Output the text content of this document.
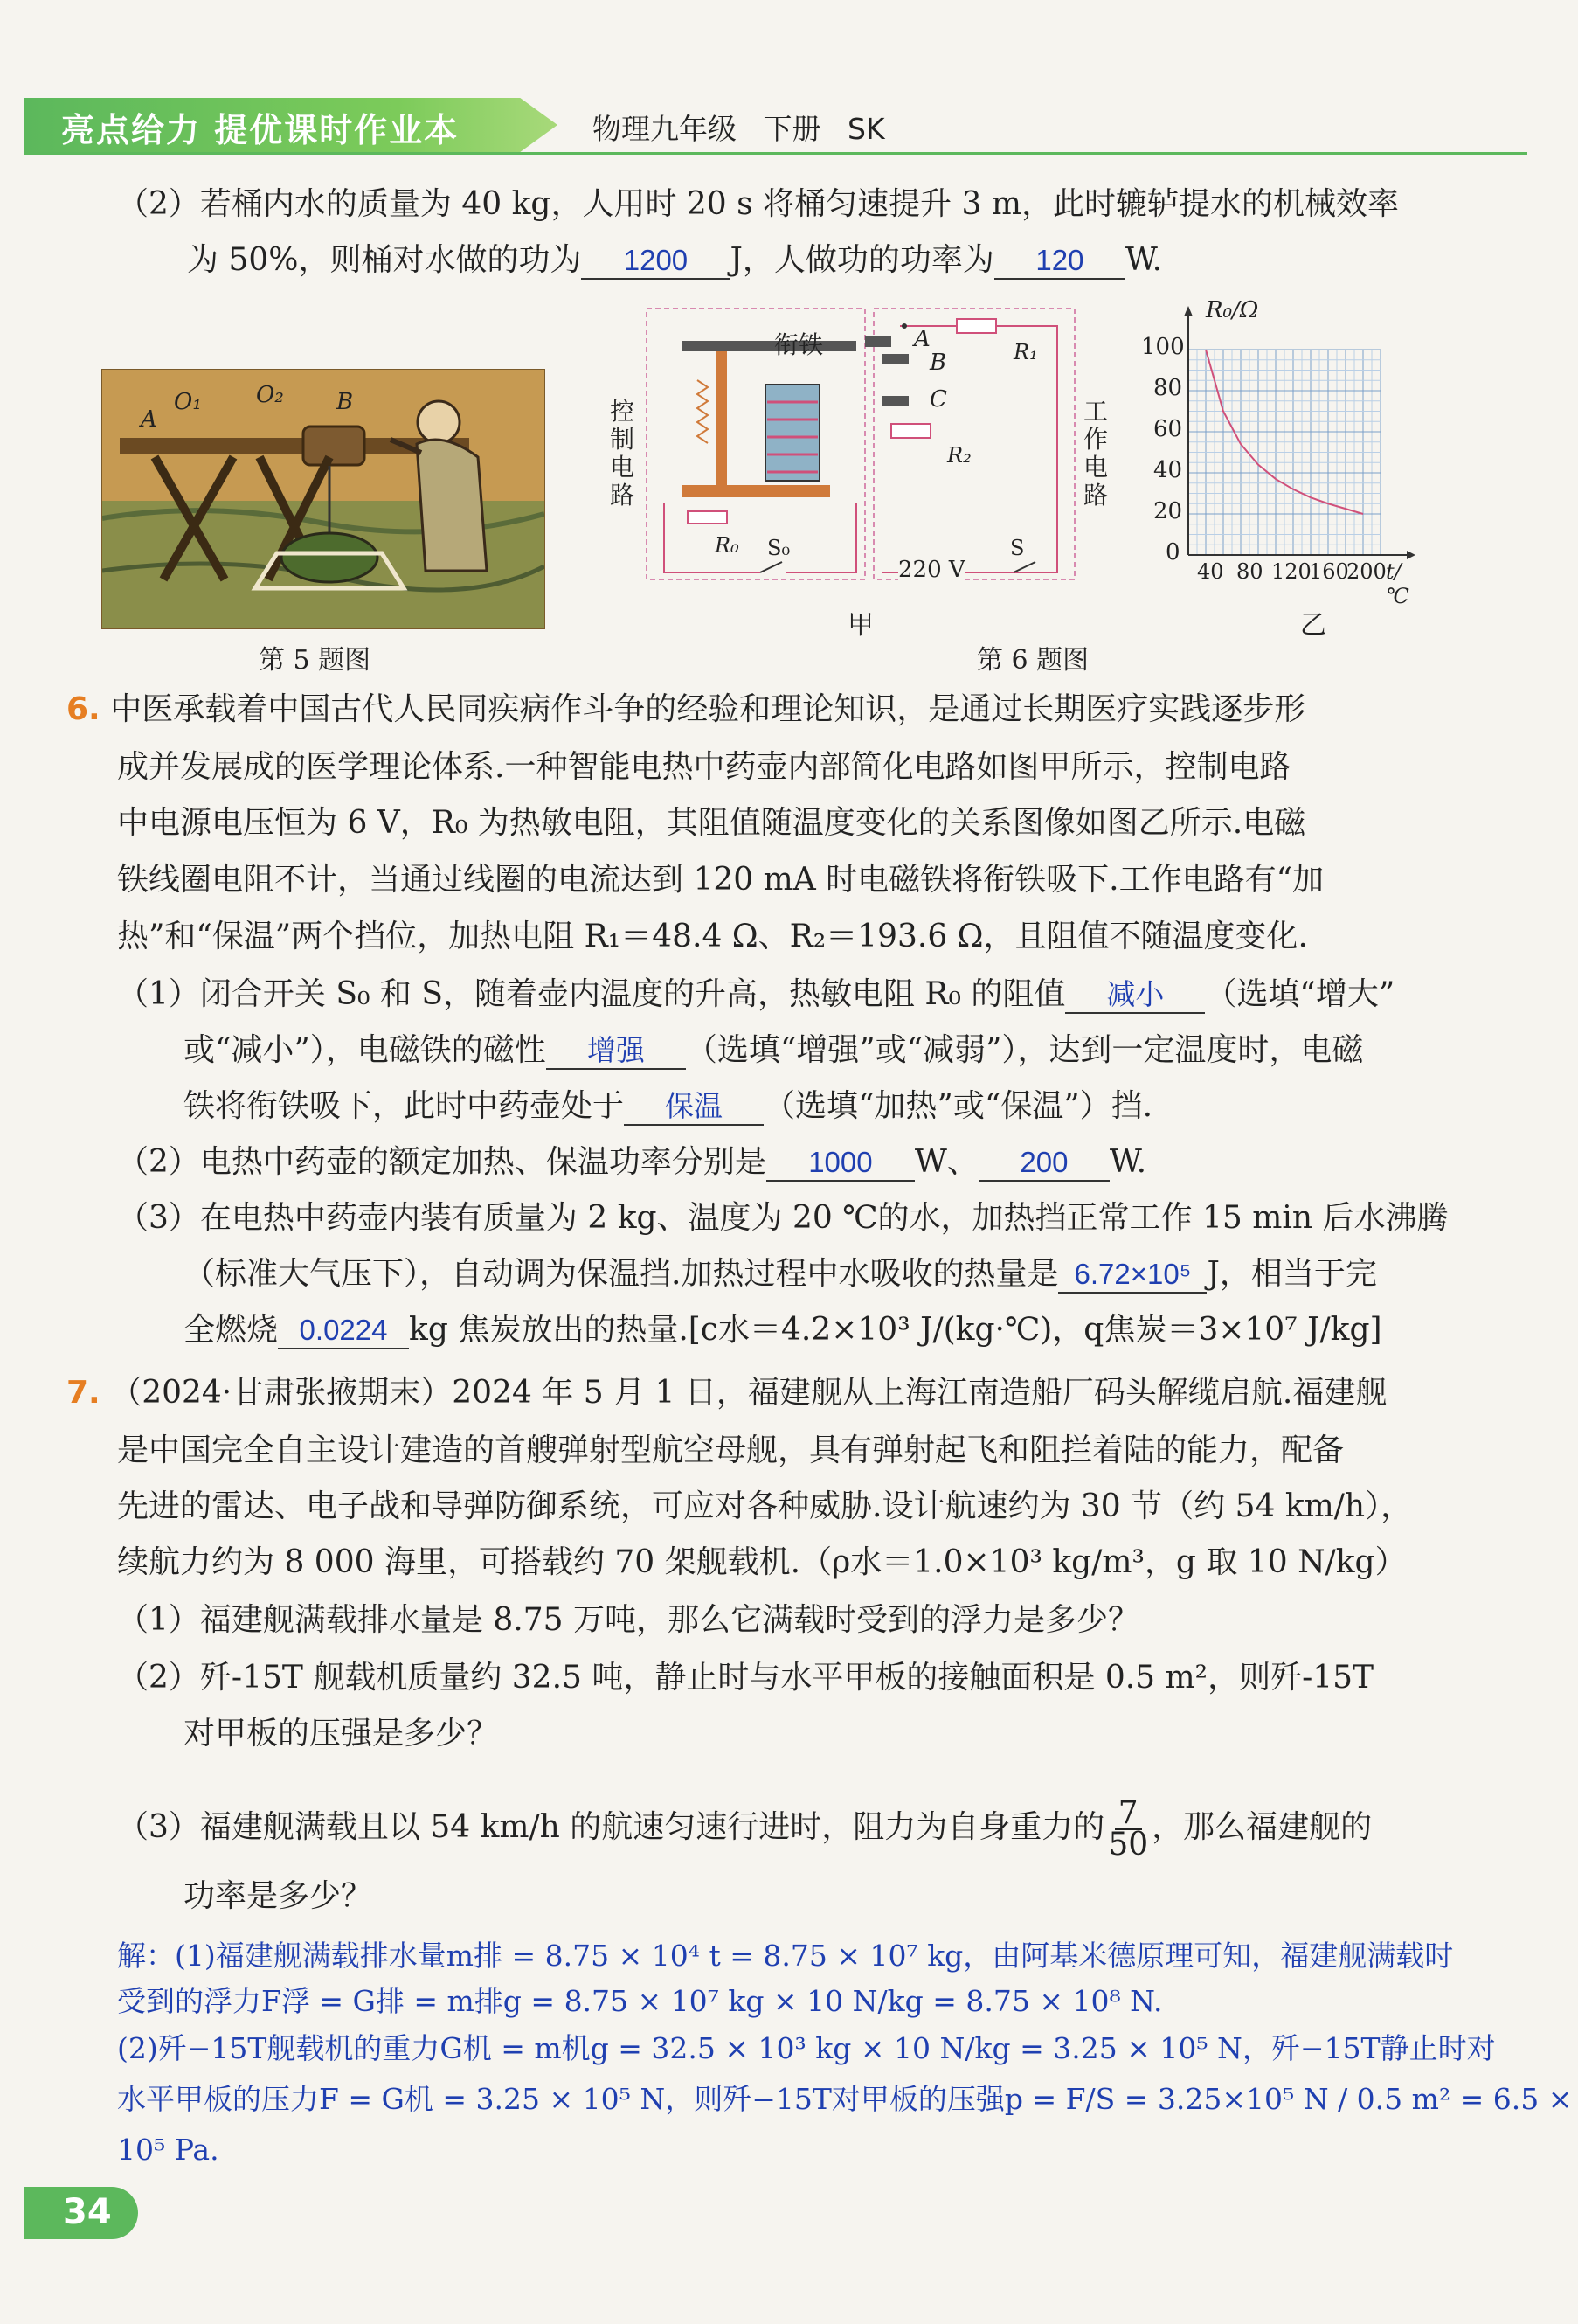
亮点给力 提优课时作业本	物理九年级 下册 SK
（2）若桶内水的质量为 40 kg，人用时 20 s 将桶匀速提升 3 m，此时辘轳提水的机械效率
为 50%，则桶对水做的功为 1200 J，人做功的功率为 120 W.
A
O₁ O₂ B
第 5 题图
衔铁
控制电路
工作电路
A
B
C
R₁
R₂
R₀ S₀
220 V
S
甲
R₀/Ω
100
80
60
40
20
0
40 80 120
160
200 t/℃
乙
第 6 题图
6. 中医承载着中国古代人民同疾病作斗争的经验和理论知识，是通过长期医疗实践逐步形
成并发展成的医学理论体系.一种智能电热中药壶内部简化电路如图甲所示，控制电路
中电源电压恒为 6 V，R₀ 为热敏电阻，其阻值随温度变化的关系图像如图乙所示.电磁
铁线圈电阻不计，当通过线圈的电流达到 120 mA 时电磁铁将衔铁吸下.工作电路有“加
热”和“保温”两个挡位，加热电阻 R₁＝48.4 Ω、R₂＝193.6 Ω，且阻值不随温度变化.
（1）闭合开关 S₀ 和 S，随着壶内温度的升高，热敏电阻 R₀ 的阻值 减小 （选填“增大”
或“减小”），电磁铁的磁性 增强 （选填“增强”或“减弱”），达到一定温度时，电磁
铁将衔铁吸下，此时中药壶处于 保温 （选填“加热”或“保温”）挡.
（2）电热中药壶的额定加热、保温功率分别是 1000 W、 200 W.
（3）在电热中药壶内装有质量为 2 kg、温度为 20 ℃的水，加热挡正常工作 15 min 后水沸腾
（标准大气压下），自动调为保温挡.加热过程中水吸收的热量是 6.72×10⁵ J，相当于完
全燃烧 0.0224 kg 焦炭放出的热量.[c水＝4.2×10³ J/(kg·℃)，q焦炭＝3×10⁷ J/kg]
7. （2024·甘肃张掖期末）2024 年 5 月 1 日，福建舰从上海江南造船厂码头解缆启航.福建舰
是中国完全自主设计建造的首艘弹射型航空母舰，具有弹射起飞和阻拦着陆的能力，配备
先进的雷达、电子战和导弹防御系统，可应对各种威胁.设计航速约为 30 节（约 54 km/h），
续航力约为 8 000 海里，可搭载约 70 架舰载机.（ρ水＝1.0×10³ kg/m³，g 取 10 N/kg）
（1）福建舰满载排水量是 8.75 万吨，那么它满载时受到的浮力是多少？
（2）歼-15T 舰载机质量约 32.5 吨，静止时与水平甲板的接触面积是 0.5 m²，则歼-15T
对甲板的压强是多少？
（3）福建舰满载且以 54 km/h 的航速匀速行进时，阻力为自身重力的 $\frac{7}{50}$ ，那么福建舰的
功率是多少？
解：(1)福建舰满载排水量m排 = 8.75 × 10⁴ t = 8.75 × 10⁷ kg，由阿基米德原理可知，福建舰满载时
受到的浮力F浮 = G排 = m排g = 8.75 × 10⁷ kg × 10 N/kg = 8.75 × 10⁸ N.
(2)歼−15T舰载机的重力G机 = m机g = 32.5 × 10³ kg × 10 N/kg = 3.25 × 10⁵ N，歼−15T静止时对
水平甲板的压力F = G机 = 3.25 × 10⁵ N，则歼−15T对甲板的压强p = F/S = 3.25×10⁵ N / 0.5 m² = 6.5 ×
10⁵ Pa.
34
